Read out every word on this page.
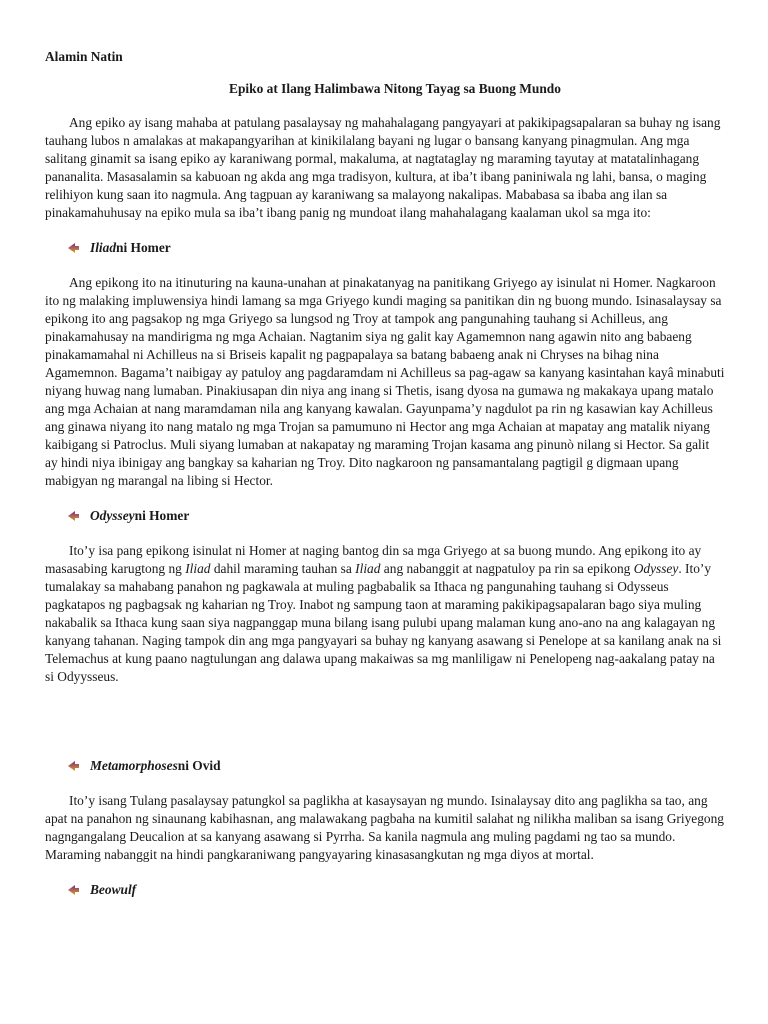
Alamin Natin
Epiko at Ilang Halimbawa Nitong Tayag sa Buong Mundo

Ang epiko ay isang mahaba at patulang pasalaysay ng mahahalagang pangyayari at pakikipagsapalaran sa buhay ng isang tauhang lubos n amalakas at makapangyarihan at kinikilalang bayani ng lugar o bansang kanyang pinagmulan. Ang mga salitang ginamit sa isang epiko ay karaniwang pormal, makaluma, at nagtataglay ng maraming tayutay at matatalinhagang pananalita. Masasalamin sa kabuoan ng akda ang mga tradisyon, kultura, at iba’t ibang paniniwala ng lahi, bansa, o maging relihiyon kung saan ito nagmula. Ang tagpuan ay karaniwang sa malayong nakalipas. Mababasa sa ibaba ang ilan sa pinakamahuhusay na epiko mula sa iba’t ibang panig ng mundoat ilang mahahalagang kaalaman ukol sa mga ito:

Iliad ni Homer

Ang epikong ito na itinuturing na kauna-unahan at pinakatanyag na panitikang Griyego ay isinulat ni Homer. Nagkaroon ito ng malaking impluwensiya hindi lamang sa mga Griyego kundi maging sa panitikan din ng buong mundo. Isinasalaysay sa epikong ito ang pagsakop ng mga Griyego sa lungsod ng Troy at tampok ang pangunahing tauhang si Achilleus, ang pinakamahusay na mandirigma ng mga Achaian. Nagtanim siya ng galit kay Agamemnon nang agawin nito ang babaeng pinakamamahal ni Achilleus na si Briseis kapalit ng pagpapalaya sa batang babaeng anak ni Chryses na bihag nina Agamemnon. Bagama’t naibigay ay patuloy ang pagdaramdam ni Achilleus sa pag-agaw sa kanyang kasintahan kayâ minabuti niyang huwag nang lumaban. Pinakiusapan din niya ang inang si Thetis, isang dyosa na gumawa ng makakaya upang matalo ang mga Achaian at nang maramdaman nila ang kanyang kawalan. Gayunpama’y nagdulot pa rin ng kasawian kay Achilleus ang ginawa niyang ito nang matalo ng mga Trojan sa pamumuno ni Hector ang mga Achaian at mapatay ang matalik niyang kaibigang si Patroclus. Muli siyang lumaban at nakapatay ng maraming Trojan kasama ang pinunò nilang si Hector. Sa galit ay hindi niya ibinigay ang bangkay sa kaharian ng Troy. Dito nagkaroon ng pansamantalang pagtigil g digmaan upang mabigyan ng marangal na libing si Hector.

Odyssey ni Homer

Ito’y isa pang epikong isinulat ni Homer at naging bantog din sa mga Griyego at sa buong mundo. Ang epikong ito ay masasabing karugtong ng Iliad dahil maraming tauhan sa Iliad ang nabanggit at nagpatuloy pa rin sa epikong Odyssey. Ito’y tumalakay sa mahabang panahon ng pagkawala at muling pagbabalik sa Ithaca ng pangunahing tauhang si Odysseus pagkatapos ng pagbagsak ng kaharian ng Troy. Inabot ng sampung taon at maraming pakikipagsapalaran bago siya muling nakabalik sa Ithaca kung saan siya nagpanggap muna bilang isang pulubi upang malaman kung ano-ano na ang kalagayan ng kanyang tahanan. Naging tampok din ang mga pangyayari sa buhay ng kanyang asawang si Penelope at sa kanilang anak na si Telemachus at kung paano nagtulungan ang dalawa upang makaiwas sa mg manliligaw ni Penelopeng nag-aakalang patay na si Odyysseus.

Metamorphoses ni Ovid

Ito’y isang Tulang pasalaysay patungkol sa paglikha at kasaysayan ng mundo. Isinalaysay dito ang paglikha sa tao, ang apat na panahon ng sinaunang kabihasnan, ang malawakang pagbaha na kumitil salahat ng nilikha maliban sa isang Griyegong nagngangalang Deucalion at sa kanyang asawang si Pyrrha. Sa kanila nagmula ang muling pagdami ng tao sa mundo. Maraming nabanggit na hindi pangkaraniwang pangyayaring kinasasangkutan ng mga diyos at mortal.

Beowulf
